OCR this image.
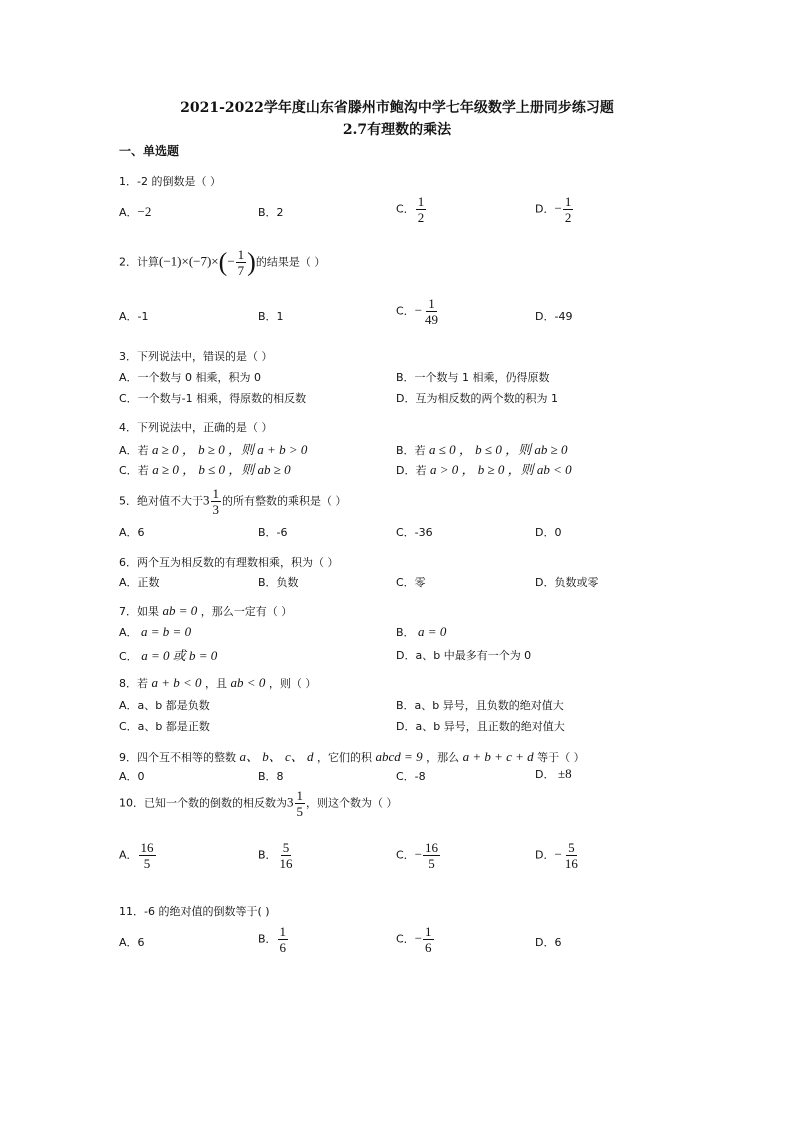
2021-2022学年度山东省滕州市鲍沟中学七年级数学上册同步练习题
2.7有理数的乘法
一、单选题
1．-2 的倒数是（ ）
A．−2	B．2	C． $\frac{1}{2}$	D．− $\frac{1}{2}$
2．计算$(-1)\times(-7)\times(- \frac{1}{7}$ )的结果是（ ）
A．-1	B．1	C．− $\frac{1}{49}$	D．-49
3．下列说法中，错误的是（ ）
A．一个数与 0 相乘，积为 0	B．一个数与 1 相乘，仍得原数
C．一个数与-1 相乘，得原数的相反数	D．互为相反数的两个数的积为 1
4．下列说法中，正确的是（ ）
A．若 a ≥ 0 ， b ≥ 0 ，则 a + b > 0	B．若 a ≤ 0 ， b ≤ 0 ，则 ab ≥ 0
C．若 a ≥ 0 ， b ≤ 0 ，则 ab ≥ 0	D．若 a > 0 ， b ≥ 0 ，则 ab < 0
5．绝对值不大于$3 \frac{1}{3}$ 的所有整数的乘积是（ ）
A．6	B．-6	C．-36	D．0
6．两个互为相反数的有理数相乘，积为（ ）
A．正数	B．负数	C．零	D．负数或零
7．如果 ab = 0 ，那么一定有（ ）
A． a = b = 0	B． a = 0
C． a = 0 或 b = 0	D．a、b 中最多有一个为 0
8．若 a + b < 0 ，且 ab < 0 ，则（ ）
A．a、b 都是负数	B．a、b 异号，且负数的绝对值大
C．a、b 都是正数	D．a、b 异号，且正数的绝对值大
9．四个互不相等的整数 a、 b、 c、 d ，它们的积 abcd = 9 ，那么 a + b + c + d 等于（ ）
A．0	B．8	C．-8	D． ±8
10．已知一个数的倒数的相反数为$3 \frac{1}{5}$ ，则这个数为（ ）
A． $\frac{16}{5}$	B． $\frac{5}{16}$	C．− $\frac{16}{5}$	D．− $\frac{5}{16}$
11．-6 的绝对值的倒数等于( )
A．6	B． $\frac{1}{6}$	C．− $\frac{1}{6}$	D．6
